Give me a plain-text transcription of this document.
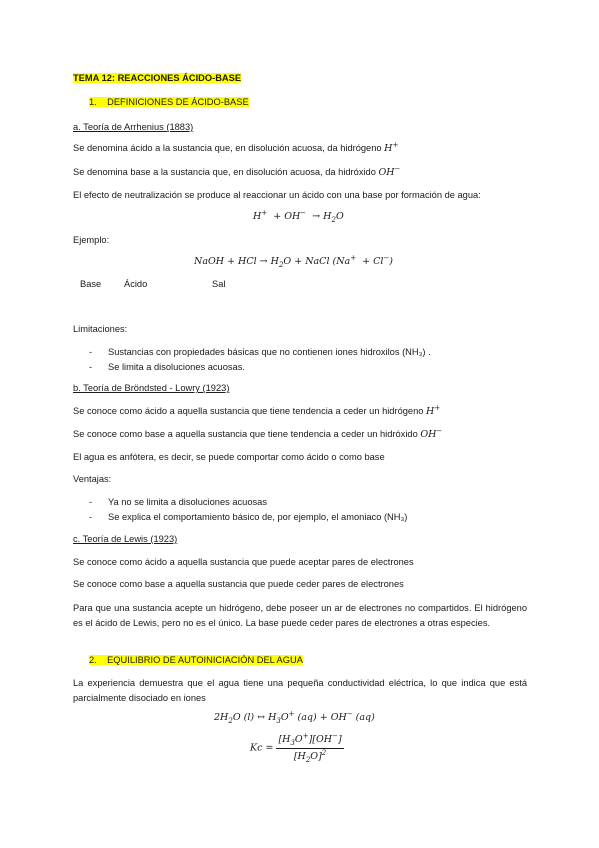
TEMA 12: REACCIONES ÁCIDO-BASE
1. DEFINICIONES DE ÁCIDO-BASE
a. Teoría de Arrhenius (1883)
Se denomina ácido a la sustancia que, en disolución acuosa, da hidrógeno H+
Se denomina base a la sustancia que, en disolución acuosa, da hidróxido OH−
El efecto de neutralización se produce al reaccionar un ácido con una base por formación de agua:
$H^+ + OH^- \to H_2O$
Ejemplo:
NaOH + HCl → $H_2O$ + NaCl (Na+ + Cl−)
Base Ácido	Sal
Limitaciones:
- Sustancias con propiedades básicas que no contienen iones hidroxilos (NH₃) .
- Se limita a disoluciones acuosas.
b. Teoría de Bröndsted - Lowry (1923)
Se conoce como ácido a aquella sustancia que tiene tendencia a ceder un hidrógeno H+
Se conoce como base a aquella sustancia que tiene tendencia a ceder un hidróxido OH−
El agua es anfótera, es decir, se puede comportar como ácido o como base
Ventajas:
- Ya no se limita a disoluciones acuosas
- Se explica el comportamiento básico de, por ejemplo, el amoniaco (NH₃)
c. Teoría de Lewis (1923)
Se conoce como ácido a aquella sustancia que puede aceptar pares de electrones
Se conoce como base a aquella sustancia que puede ceder pares de electrones
Para que una sustancia acepte un hidrógeno, debe poseer un ar de electrones no compartidos. El hidrógeno es el ácido de Lewis, pero no es el único. La base puede ceder pares de electrones a otras especies.
2. EQUILIBRIO DE AUTOINICIACIÓN DEL AGUA
La experiencia demuestra que el agua tiene una pequeña conductividad eléctrica, lo que indica que está parcialmente disociado en iones
$2H_2O$ (l) ↔ $H_3O^+$ (aq) + OH− (aq)
$Kc = \frac{[H_3O^+][OH^-]}{[H_2O]^2}$
